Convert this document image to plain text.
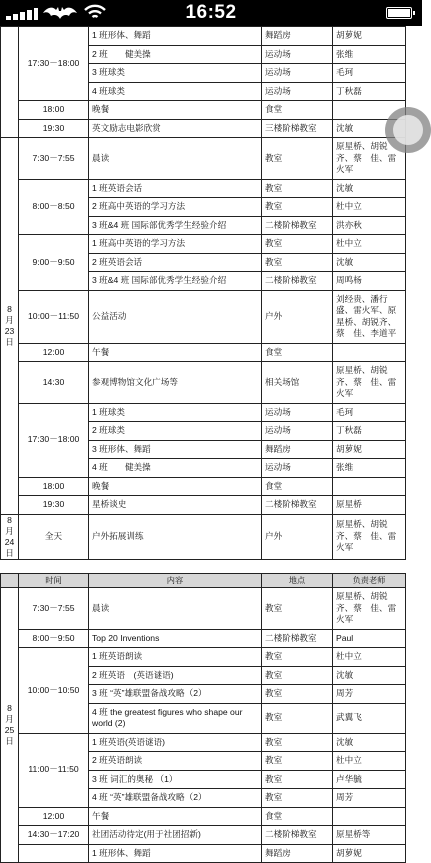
16:52
	17:30－18:00	1 班形体、舞蹈	舞蹈房	胡萝妮
		2 班　　健美操	运动场	张维
		3 班球类	运动场	毛珂
		4 班球类	运动场	丁秋磊
	18:00	晚餐	食堂	
	19:30	英文励志电影欣赏	三楼阶梯教室	沈敏

8
月
23
日	7:30－7:55	晨读	教室	原星桥、胡锐齐、蔡　佳、雷火军
	8:00－8:50	1 班英语会话	教室	沈敏
		2 班高中英语的学习方法	教室	杜中立
		3 班&4 班 国际部优秀学生经验介绍	二楼阶梯教室	洪亦秋
	9:00－9:50	1 班高中英语的学习方法	教室	杜中立
		2 班英语会话	教室	沈敏
		3 班&4 班 国际部优秀学生经验介绍	二楼阶梯教室	周鸣杨
	10:00－11:50	公益活动	户外	刘经贵、潘行盛、雷火军、原星桥、胡锐齐、蔡　佳、李道平
	12:00	午餐	食堂	
	14:30	参观博物馆文化广场等	相关场馆	原星桥、胡锐齐、蔡　佳、雷火军
	17:30－18:00	1 班球类	运动场	毛珂
		2 班球类	运动场	丁秋磊
		3 班形体、舞蹈	舞蹈房	胡萝妮
		4 班　　健美操	运动场	张维
	18:00	晚餐	食堂	
	19:30	星桥谈史	二楼阶梯教室	原星桥

8
月
24
日	全天	户外拓展训练	户外	原星桥、胡锐齐、蔡　佳、雷火军

	时间	内容	地点	负责老师

8
月
25
日	7:30－7:55	晨读	教室	原星桥、胡锐齐、蔡　佳、雷火军
	8:00－9:50	Top 20 Inventions	二楼阶梯教室	Paul
	10:00－10:50	1 班英语朗读	教室	杜中立
		2 班英语　(英语谜语)	教室	沈敏
		3 班 “英”雄联盟备战攻略（2）	教室	周芳
		4 班 the greatest figures who shape our world (2)	教室	武翼飞
	11:00－11:50	1 班英语(英语谜语)	教室	沈敏
		2 班英语朗读	教室	杜中立
		3 班 词汇的奥秘 （1）	教室	卢华毓
		4 班 “英”雄联盟备战攻略（2）	教室	周芳
	12:00	午餐	食堂	
	14:30－17:20	社团活动待定(用于社团招新)	二楼阶梯教室	原星桥等
		1 班形体、舞蹈	舞蹈房	胡萝妮
